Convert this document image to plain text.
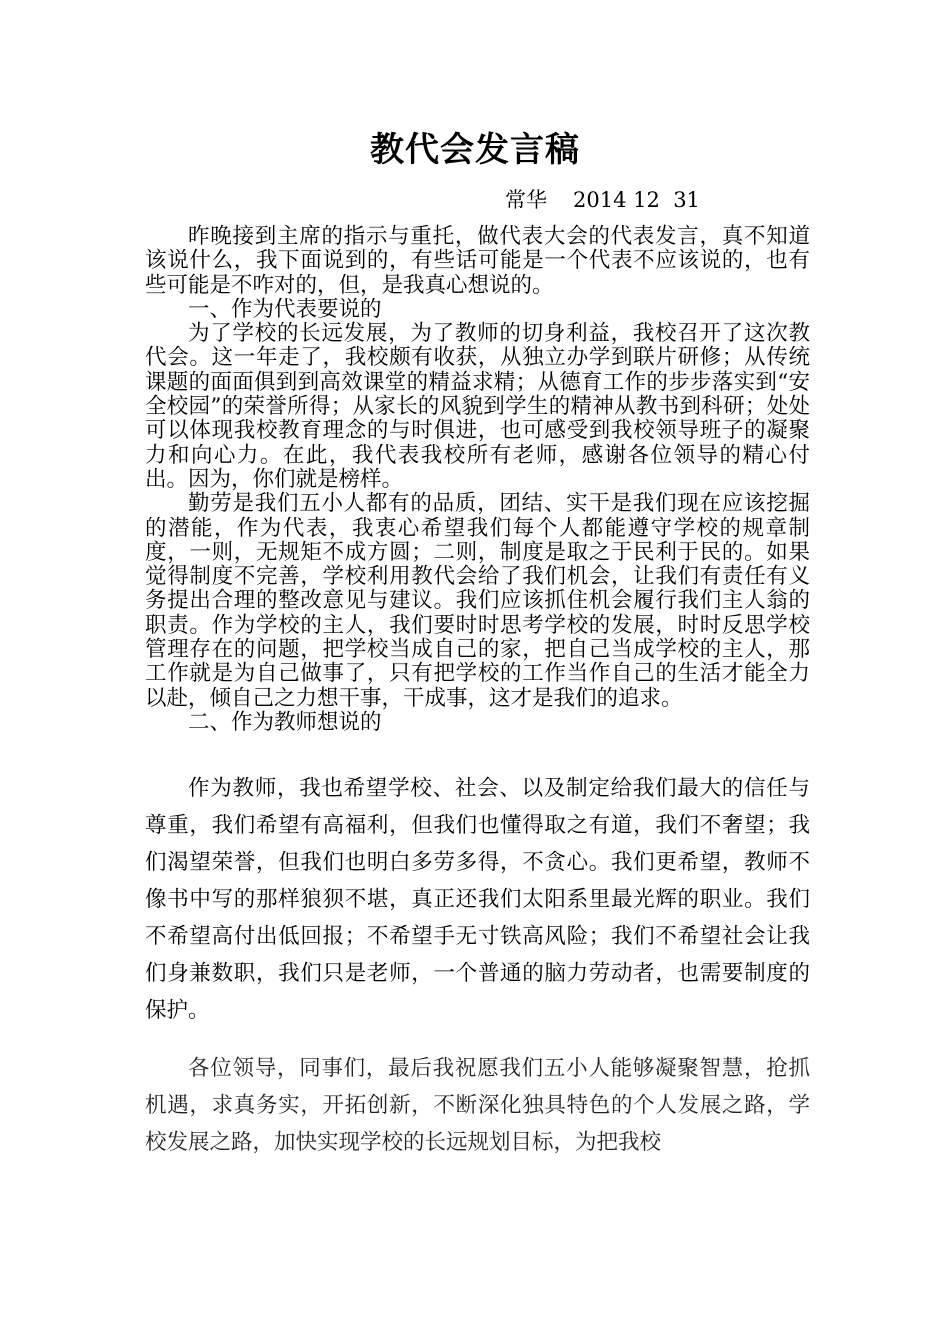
教代会发言稿
常华 2014 12  31

昨晚接到主席的指示与重托，做代表大会的代表发言，真不知道该说什么，我下面说到的，有些话可能是一个代表不应该说的，也有些可能是不咋对的，但，是我真心想说的。

一、作为代表要说的

为了学校的长远发展，为了教师的切身利益，我校召开了这次教代会。这一年走了，我校颇有收获，从独立办学到联片研修；从传统课题的面面俱到到高效课堂的精益求精；从德育工作的步步落实到“安全校园”的荣誉所得；从家长的风貌到学生的精神从教书到科研；处处可以体现我校教育理念的与时俱进，也可感受到我校领导班子的凝聚力和向心力。在此，我代表我校所有老师，感谢各位领导的精心付出。因为，你们就是榜样。

勤劳是我们五小人都有的品质，团结、实干是我们现在应该挖掘的潜能，作为代表，我衷心希望我们每个人都能遵守学校的规章制度，一则，无规矩不成方圆；二则，制度是取之于民利于民的。如果觉得制度不完善，学校利用教代会给了我们机会，让我们有责任有义务提出合理的整改意见与建议。我们应该抓住机会履行我们主人翁的职责。作为学校的主人，我们要时时思考学校的发展，时时反思学校管理存在的问题，把学校当成自己的家，把自己当成学校的主人，那工作就是为自己做事了，只有把学校的工作当作自己的生活才能全力以赴，倾自己之力想干事，干成事，这才是我们的追求。

二、作为教师想说的

作为教师，我也希望学校、社会、以及制定给我们最大的信任与尊重，我们希望有高福利，但我们也懂得取之有道，我们不奢望；我们渴望荣誉，但我们也明白多劳多得，不贪心。我们更希望，教师不像书中写的那样狼狈不堪，真正还我们太阳系里最光辉的职业。我们不希望高付出低回报；不希望手无寸铁高风险；我们不希望社会让我们身兼数职，我们只是老师，一个普通的脑力劳动者，也需要制度的保护。

各位领导，同事们，最后我祝愿我们五小人能够凝聚智慧，抢抓机遇，求真务实，开拓创新，不断深化独具特色的个人发展之路，学校发展之路，加快实现学校的长远规划目标，为把我校
